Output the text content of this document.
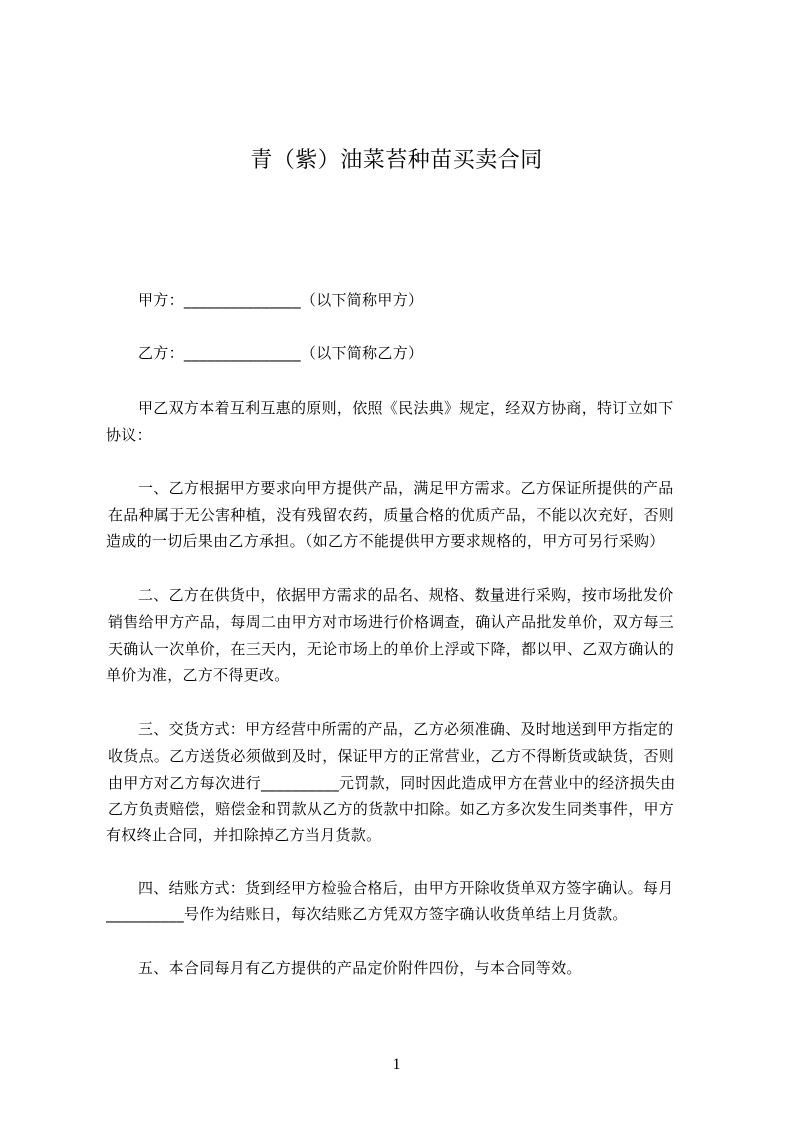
青（紫）油菜苔种苗买卖合同
甲方：_______________（以下简称甲方）
乙方：_______________（以下简称乙方）
甲乙双方本着互利互惠的原则，依照《民法典》规定，经双方协商，特订立如下
协议：
一、乙方根据甲方要求向甲方提供产品，满足甲方需求。乙方保证所提供的产品
在品种属于无公害种植，没有残留农药，质量合格的优质产品，不能以次充好，否则
造成的一切后果由乙方承担。（如乙方不能提供甲方要求规格的，甲方可另行采购）
二、乙方在供货中，依据甲方需求的品名、规格、数量进行采购，按市场批发价
销售给甲方产品，每周二由甲方对市场进行价格调查，确认产品批发单价，双方每三
天确认一次单价，在三天内，无论市场上的单价上浮或下降，都以甲、乙双方确认的
单价为准，乙方不得更改。
三、交货方式：甲方经营中所需的产品，乙方必须准确、及时地送到甲方指定的
收货点。乙方送货必须做到及时，保证甲方的正常营业，乙方不得断货或缺货，否则
由甲方对乙方每次进行__________元罚款，同时因此造成甲方在营业中的经济损失由
乙方负责赔偿，赔偿金和罚款从乙方的货款中扣除。如乙方多次发生同类事件，甲方
有权终止合同，并扣除掉乙方当月货款。
四、结账方式：货到经甲方检验合格后，由甲方开除收货单双方签字确认。每月
__________号作为结账日，每次结账乙方凭双方签字确认收货单结上月货款。
五、本合同每月有乙方提供的产品定价附件四份，与本合同等效。
1
